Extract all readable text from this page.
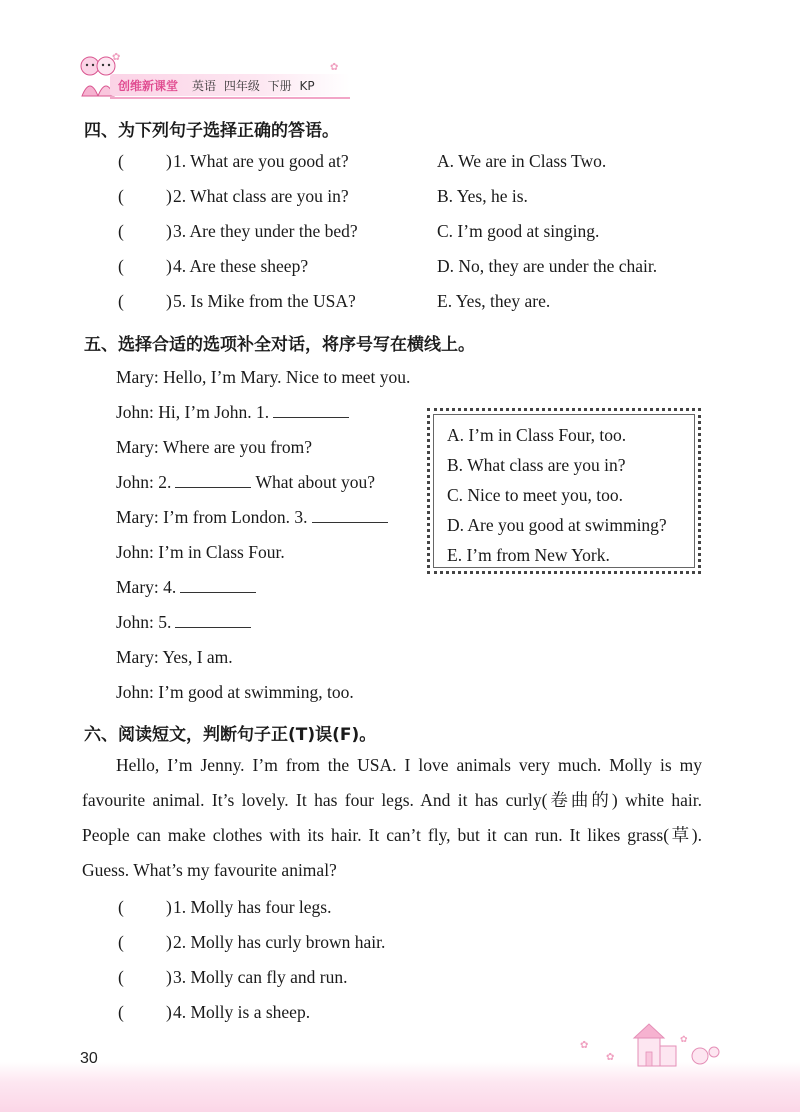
创维新课堂 英语 四年级 下册 KP
✿
✿
四、为下列句子选择正确的答语。
( ) 1. What are you good at?	A. We are in Class Two.
( ) 2. What class are you in?	B. Yes, he is.
( ) 3. Are they under the bed?	C. I’m good at singing.
( ) 4. Are these sheep?	D. No, they are under the chair.
( ) 5. Is Mike from the USA?	E. Yes, they are.
五、选择合适的选项补全对话，将序号写在横线上。
Mary: Hello, I’m Mary. Nice to meet you.
John: Hi, I’m John. 1.
Mary: Where are you from?
John: 2.	What about you?
Mary: I’m from London. 3.
John: I’m in Class Four.
Mary: 4.
John: 5.
Mary: Yes, I am.
John: I’m good at swimming, too.
A. I’m in Class Four, too.
B. What class are you in?
C. Nice to meet you, too.
D. Are you good at swimming?
E. I’m from New York.
六、阅读短文，判断句子正(T)误(F)。
Hello, I’m Jenny. I’m from the USA. I love animals very much. Molly is my favourite animal. It’s lovely. It has four legs. And it has curly(卷曲的) white hair. People can make clothes with its hair. It can’t fly, but it can run. It likes grass(草). Guess. What’s my favourite animal?
( ) 1. Molly has four legs.
( ) 2. Molly has curly brown hair.
( ) 3. Molly can fly and run.
( ) 4. Molly is a sheep.
✿
✿
✿
30
